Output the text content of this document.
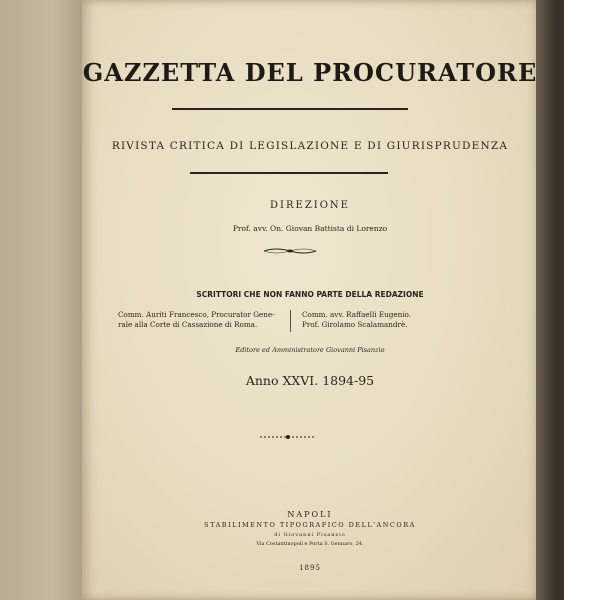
GAZZETTA DEL PROCURATORE
RIVISTA CRITICA DI LEGISLAZIONE E DI GIURISPRUDENZA
DIREZIONE
Prof. avv. On. Giovan Battista di Lorenzo
SCRITTORI CHE NON FANNO PARTE DELLA REDAZIONE
Comm. Auriti Francesco, Procurator Gene-
rale alla Corte di Cassazione di Roma.
Comm. avv. Raffaelli Eugenio.
Prof. Girolamo Scalamandrè.
Editore ed Amministratore Giovanni Pisanzio
Anno XXVI. 1894-95
NAPOLI
STABILIMENTO TIPOGRAFICO DELL'ANCORA
di Giovanni Pisanzio
Via Costantinopoli e Porta S. Gennaro, 24.
1895
